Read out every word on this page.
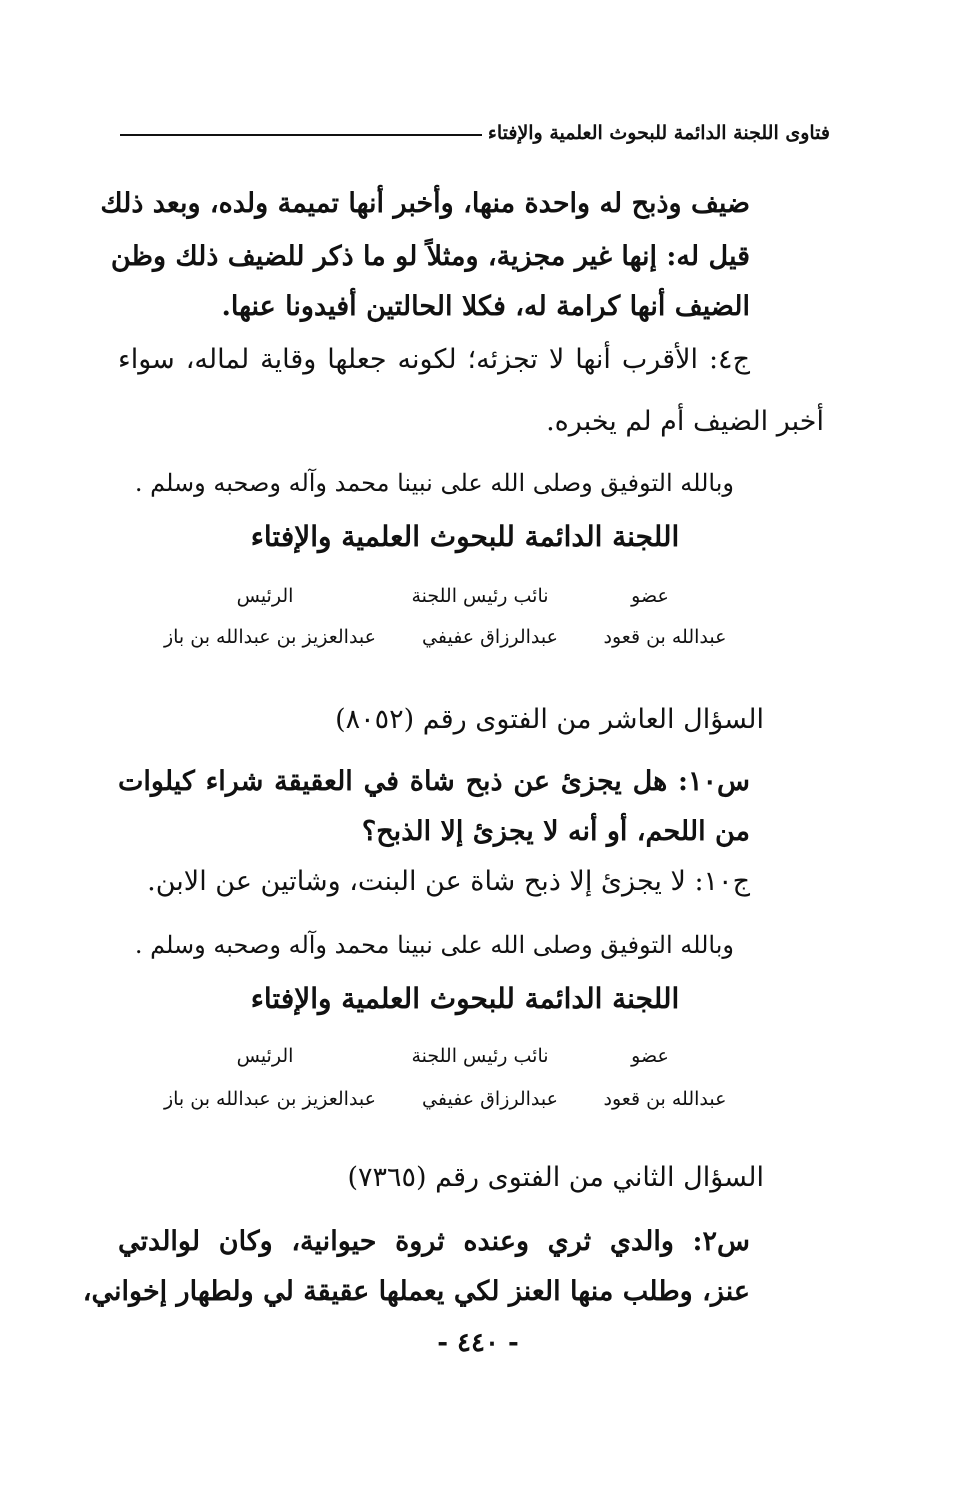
فتاوى اللجنة الدائمة للبحوث العلمية والإفتاء
ضيف وذبح له واحدة منها، وأخبر أنها تميمة ولده، وبعد ذلك
قيل له: إنها غير مجزية، ومثلاً لو ما ذكر للضيف ذلك وظن
الضيف أنها كرامة له، فكلا الحالتين أفيدونا عنها.
ج٤: الأقرب أنها لا تجزئه؛ لكونه جعلها وقاية لماله، سواء
أخبر الضيف أم لم يخبره.
وبالله التوفيق وصلى الله على نبينا محمد وآله وصحبه وسلم .
اللجنة الدائمة للبحوث العلمية والإفتاء
عضو
نائب رئيس اللجنة
الرئيس
عبدالله بن قعود
عبدالرزاق عفيفي
عبدالعزيز بن عبدالله بن باز
السؤال العاشر من الفتوى رقم (٨٠٥٢)
س١٠: هل يجزئ عن ذبح شاة في العقيقة شراء كيلوات
من اللحم، أو أنه لا يجزئ إلا الذبح؟
ج١٠: لا يجزئ إلا ذبح شاة عن البنت، وشاتين عن الابن.
وبالله التوفيق وصلى الله على نبينا محمد وآله وصحبه وسلم .
اللجنة الدائمة للبحوث العلمية والإفتاء
عضو
نائب رئيس اللجنة
الرئيس
عبدالله بن قعود
عبدالرزاق عفيفي
عبدالعزيز بن عبدالله بن باز
السؤال الثاني من الفتوى رقم (٧٣٦٥)
س٢: والدي ثري وعنده ثروة حيوانية، وكان لوالدتي
عنز، وطلب منها العنز لكي يعملها عقيقة لي ولطهار إخواني،
- ٤٤٠ -
